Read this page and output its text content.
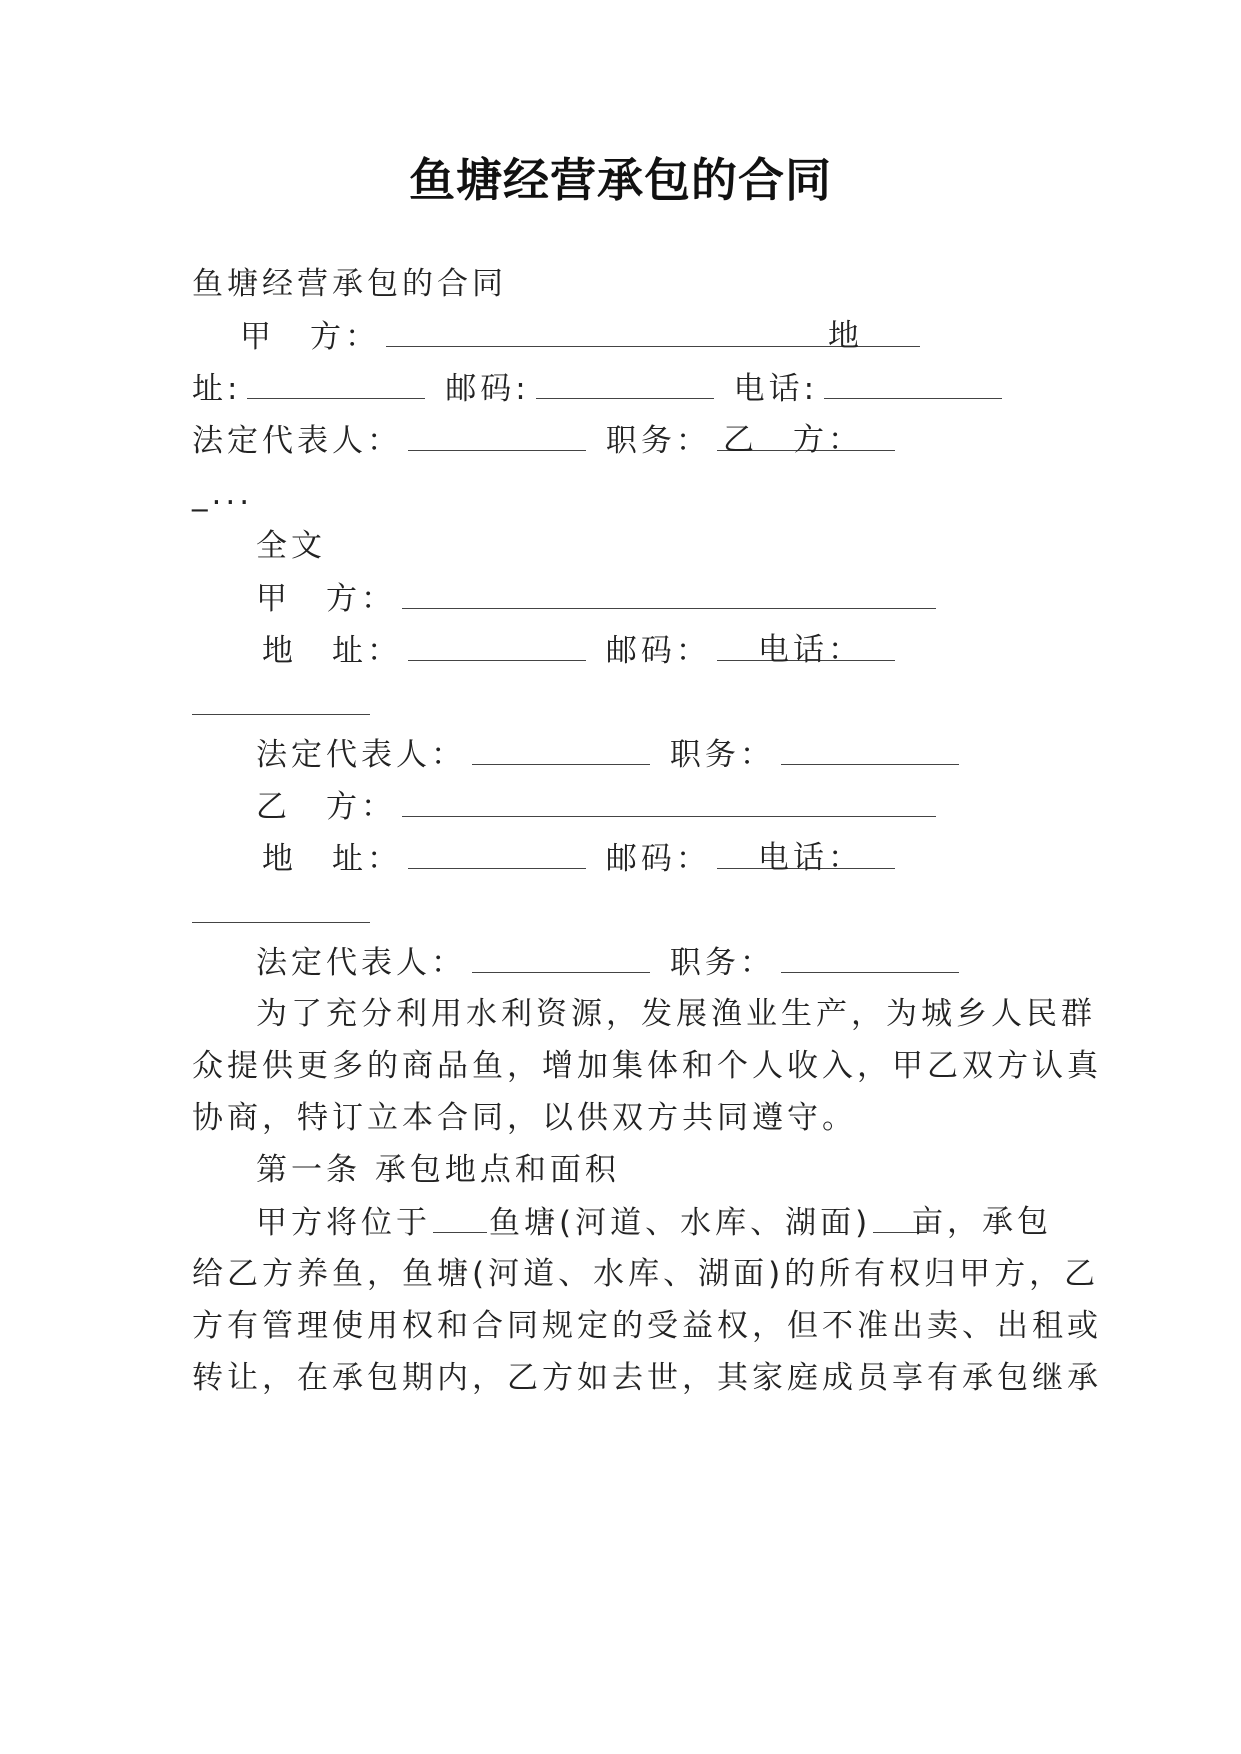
鱼塘经营承包的合同
鱼塘经营承包的合同
甲　方：	地
址:	邮码:	电话:
法定代表人：	职务： 乙　方：
_...
全文
甲　方：
地　址：	邮码： 电话：
法定代表人：	职务：
乙　方：
地　址：	邮码： 电话：
法定代表人：	职务：
为了充分利用水利资源，发展渔业生产，为城乡人民群
众提供更多的商品鱼，增加集体和个人收入，甲乙双方认真
协商，特订立本合同，以供双方共同遵守。
第一条 承包地点和面积
甲方将位于 鱼塘(河道、水库、湖面) 亩，承包
给乙方养鱼，鱼塘(河道、水库、湖面)的所有权归甲方，乙
方有管理使用权和合同规定的受益权，但不准出卖、出租或
转让，在承包期内，乙方如去世，其家庭成员享有承包继承
